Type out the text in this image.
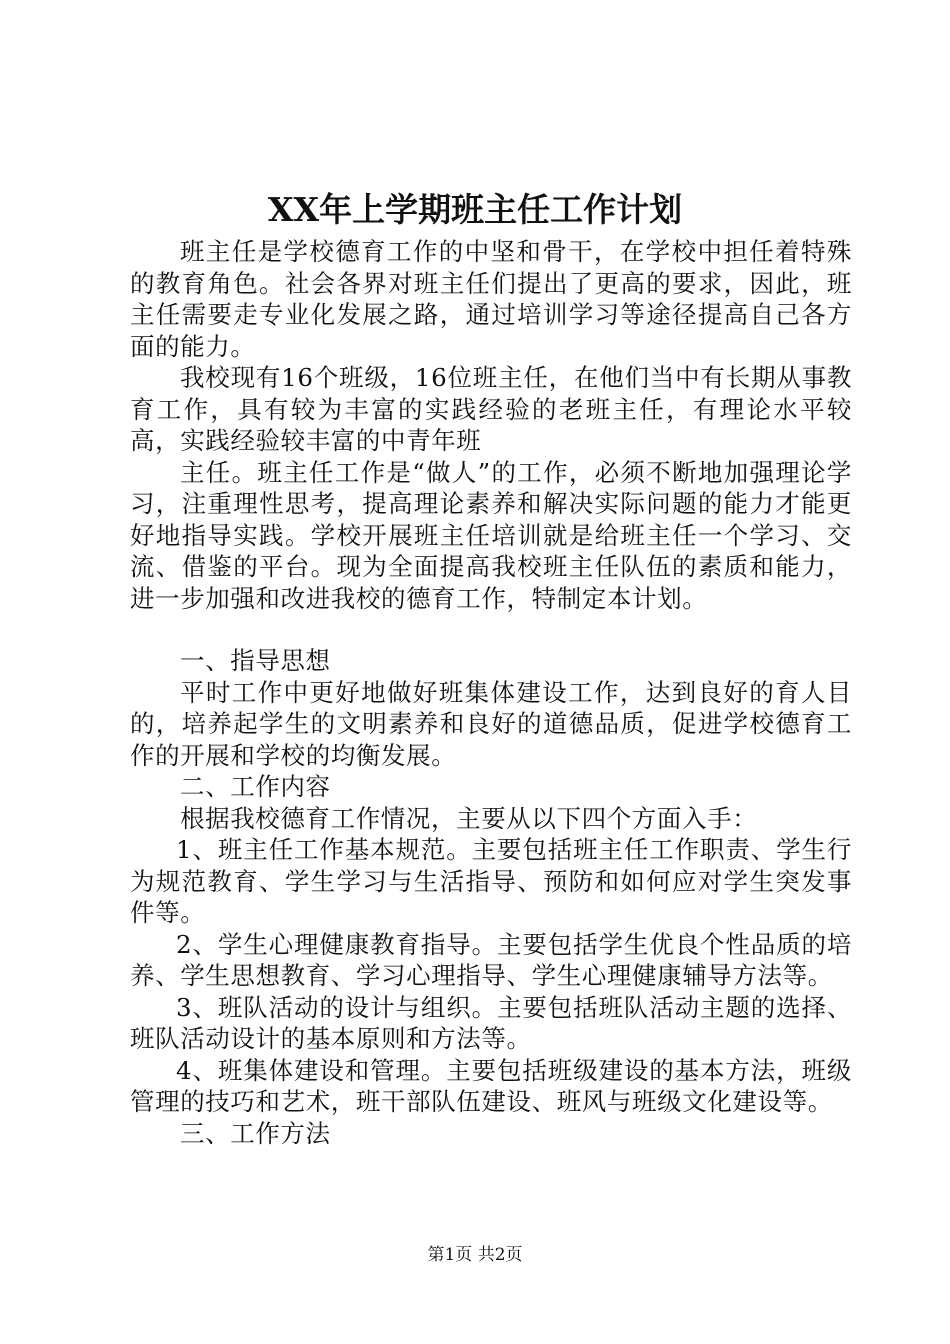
XX年上学期班主任工作计划

班主任是学校德育工作的中坚和骨干，在学校中担任着特殊的教育角色。社会各界对班主任们提出了更高的要求，因此，班主任需要走专业化发展之路，通过培训学习等途径提高自己各方面的能力。

我校现有16个班级，16位班主任，在他们当中有长期从事教育工作，具有较为丰富的实践经验的老班主任，有理论水平较高，实践经验较丰富的中青年班

主任。班主任工作是“做人”的工作，必须不断地加强理论学习，注重理性思考，提高理论素养和解决实际问题的能力才能更好地指导实践。学校开展班主任培训就是给班主任一个学习、交流、借鉴的平台。现为全面提高我校班主任队伍的素质和能力，进一步加强和改进我校的德育工作，特制定本计划。

一、指导思想

平时工作中更好地做好班集体建设工作，达到良好的育人目的，培养起学生的文明素养和良好的道德品质，促进学校德育工作的开展和学校的均衡发展。

二、工作内容

根据我校德育工作情况，主要从以下四个方面入手：

1、班主任工作基本规范。主要包括班主任工作职责、学生行为规范教育、学生学习与生活指导、预防和如何应对学生突发事件等。

2、学生心理健康教育指导。主要包括学生优良个性品质的培养、学生思想教育、学习心理指导、学生心理健康辅导方法等。

3、班队活动的设计与组织。主要包括班队活动主题的选择、班队活动设计的基本原则和方法等。

4、班集体建设和管理。主要包括班级建设的基本方法，班级管理的技巧和艺术，班干部队伍建设、班风与班级文化建设等。

三、工作方法

第1页 共2页
